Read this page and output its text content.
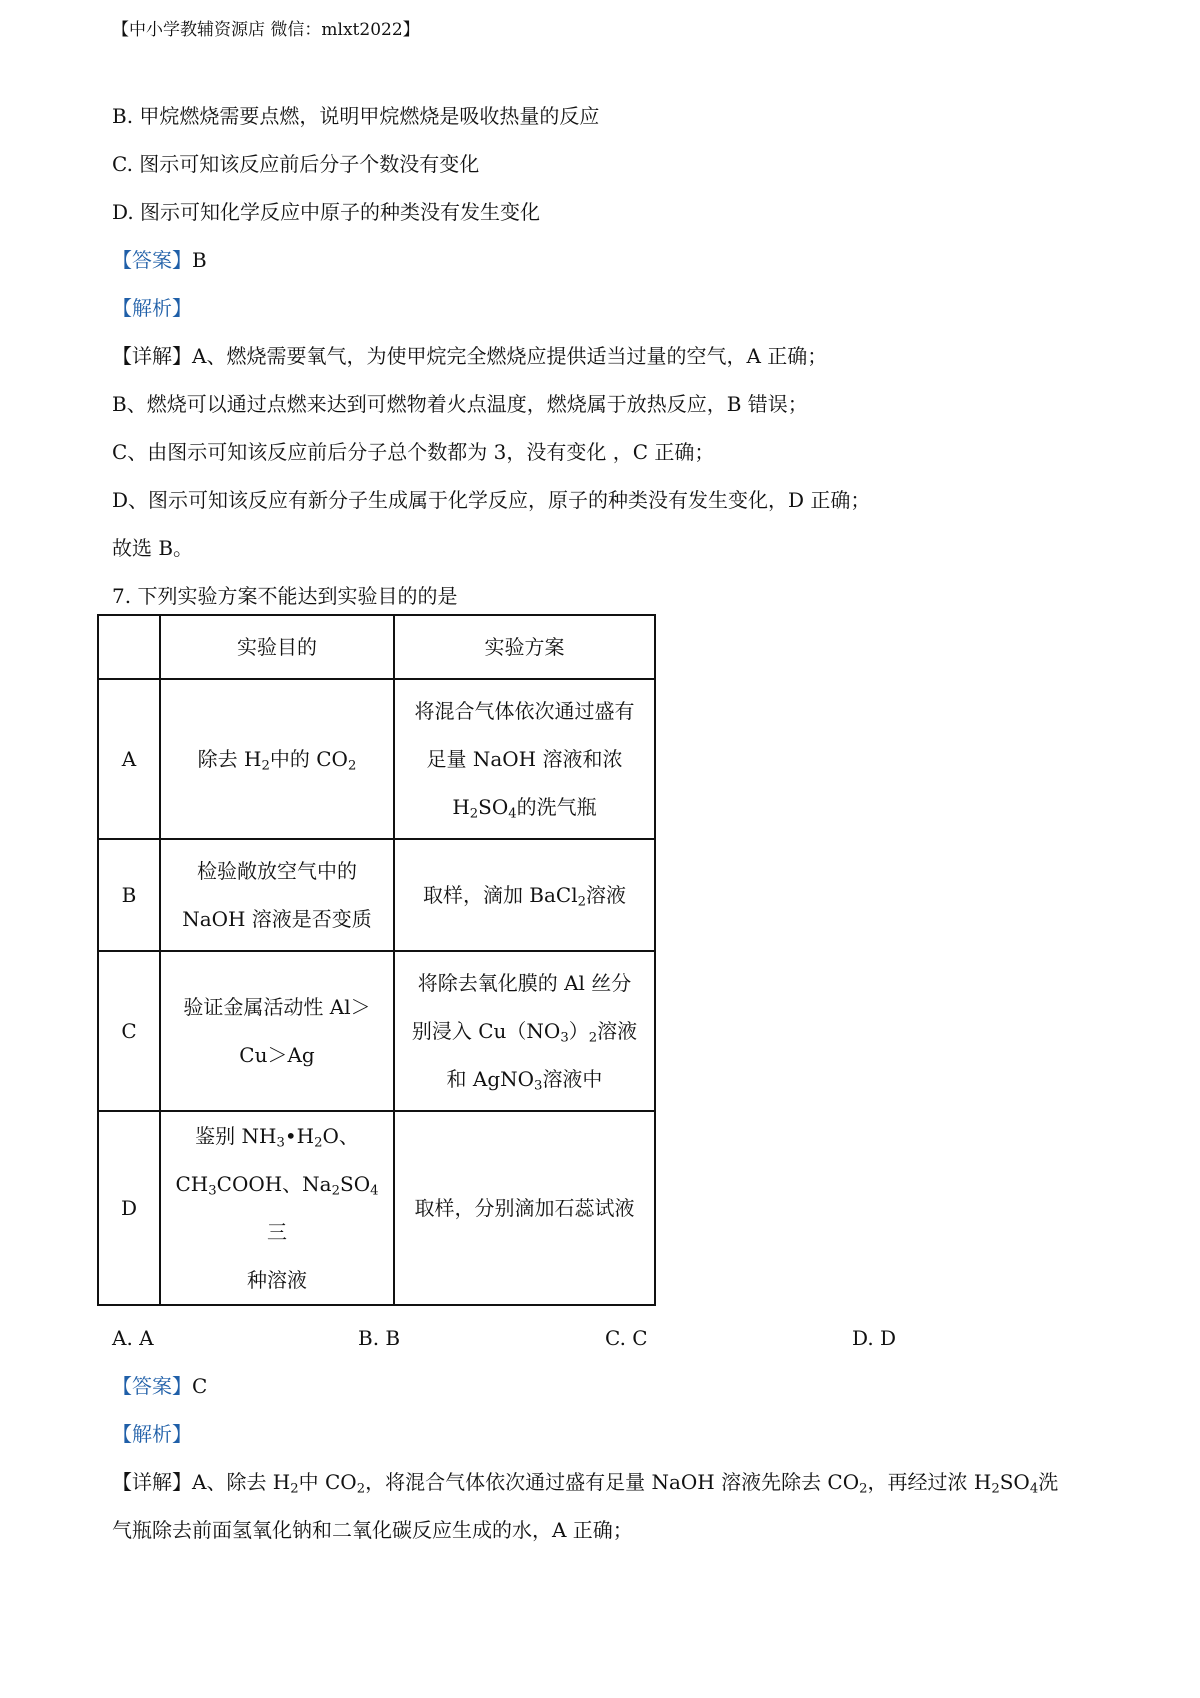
【中小学教辅资源店 微信：mlxt2022】
B. 甲烷燃烧需要点燃，说明甲烷燃烧是吸收热量的反应
C. 图示可知该反应前后分子个数没有变化
D. 图示可知化学反应中原子的种类没有发生变化
【答案】B
【解析】
【详解】A、燃烧需要氧气，为使甲烷完全燃烧应提供适当过量的空气，A 正确；
B、燃烧可以通过点燃来达到可燃物着火点温度，燃烧属于放热反应，B 错误；
C、由图示可知该反应前后分子总个数都为 3，没有变化 ，C 正确；
D、图示可知该反应有新分子生成属于化学反应，原子的种类没有发生变化，D 正确；
故选 B。
7. 下列实验方案不能达到实验目的的是
	实验目的	实验方案
A	除去 $H_2$中的 $CO_2$	将混合气体依次通过盛有
足量 NaOH 溶液和浓
$H_2SO_4$的洗气瓶
B	检验敞放空气中的
NaOH 溶液是否变质	取样，滴加 BaCl$_2$溶液
C	验证金属活动性 Al＞
Cu＞Ag	将除去氧化膜的 Al 丝分
别浸入 $Cu(NO_3)_2$溶液
和 AgNO$_3$溶液中
D	鉴别 $NH_3•H_2O$、
$CH_3COOH$、$Na_2SO_4$三
种溶液	取样，分别滴加石蕊试液
A. A	B. B	C. C	D. D
【答案】C
【解析】
【详解】A、除去 $H_2$中 $CO_2$，将混合气体依次通过盛有足量 NaOH 溶液先除去 $CO_2$，再经过浓 $H_2SO_4$洗
气瓶除去前面氢氧化钠和二氧化碳反应生成的水，A 正确；
